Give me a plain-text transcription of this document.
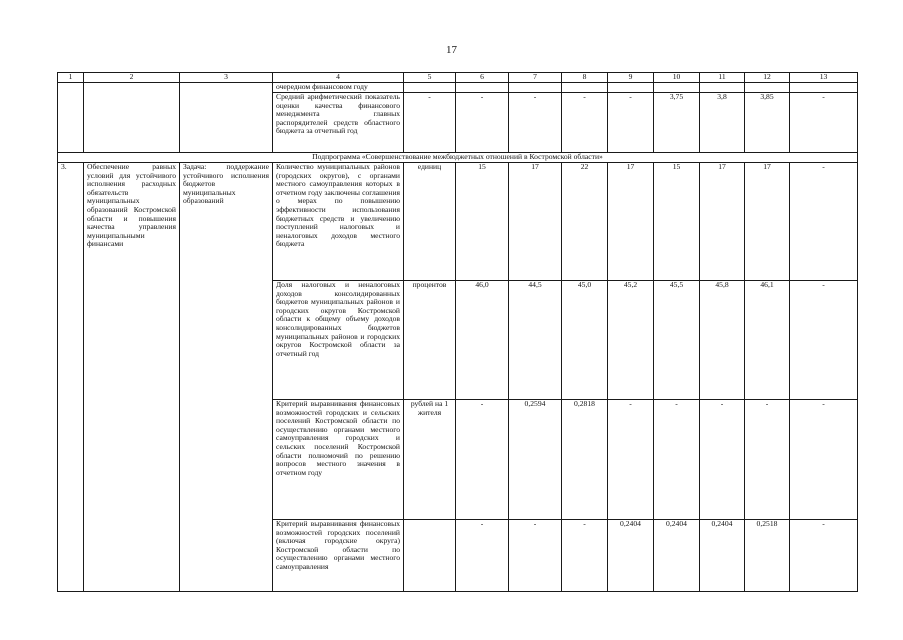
17
1	2	3	4	5	6	7	8	9	10	11	12	13
			очередном финансовом году									
			Средний арифметический показатель оценки качества финансового менеджмента главных распорядителей средств областного бюджета за отчетный год	-	-	-	-	-	3,75	3,8	3,85	-
Подпрограмма «Совершенствование межбюджетных отношений в Костромской области»												
3.	Обеспечение равных условий для устойчивого исполнения расходных обязательств муниципальных образований Костромской области и повышения качества управления муниципальными финансами	Задача: поддержание устойчивого исполнения бюджетов муниципальных образований	Количество муниципальных районов (городских округов), с органами местного самоуправления которых в отчетном году заключены соглашения о мерах по повышению эффективности использования бюджетных средств и увеличению поступлений налоговых и неналоговых доходов местного бюджета	единиц	15	17	22	17	15	17	17	-
			Доля налоговых и неналоговых доходов консолидированных бюджетов муниципальных районов и городских округов Костромской области к общему объему доходов консолидированных бюджетов муниципальных районов и городских округов Костромской области за отчетный год	процентов	46,0	44,5	45,0	45,2	45,5	45,8	46,1	-
			Критерий выравнивания финансовых возможностей городских и сельских поселений Костромской области по осуществлению органами местного самоуправления городских и сельских поселений Костромской области полномочий по решению вопросов местного значения в отчетном году	рублей на 1 жителя	-	0,2594	0,2818	-	-	-	-	-
			Критерий выравнивания финансовых возможностей городских поселений (включая городские округа) Костромской области по осуществлению органами местного самоуправления		-	-	-	0,2404	0,2404	0,2404	0,2518	-
